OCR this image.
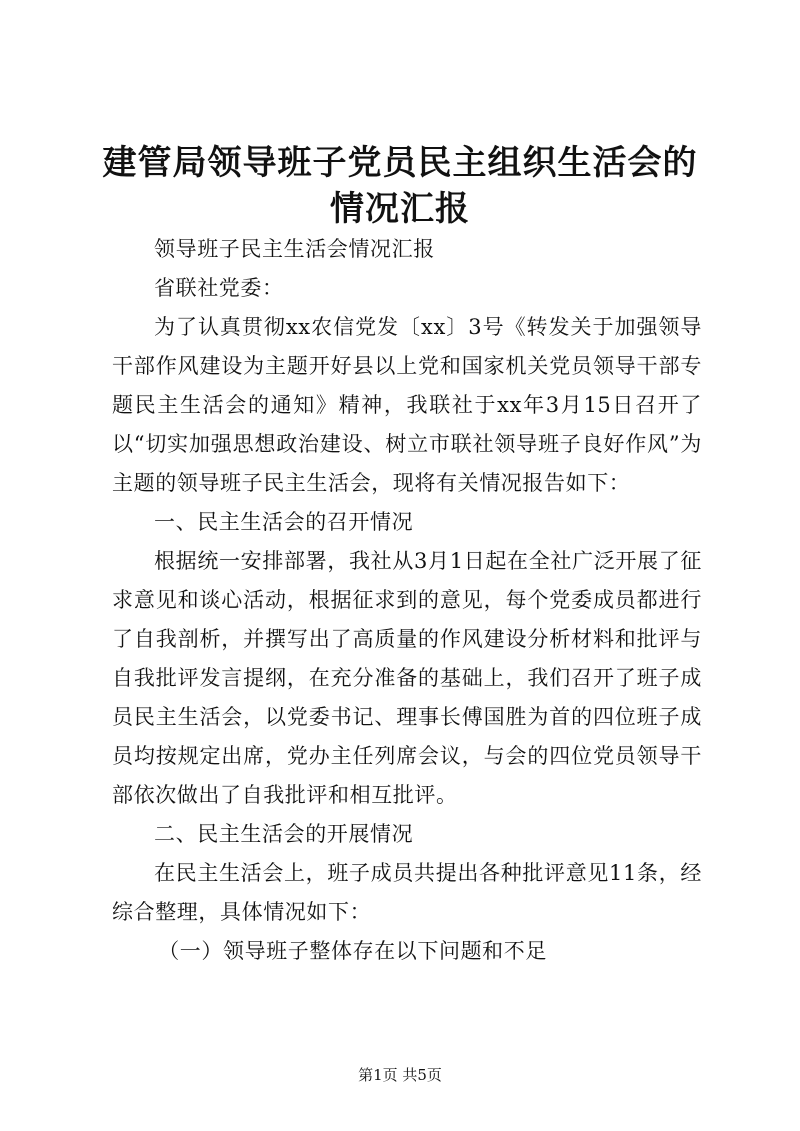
建管局领导班子党员民主组织生活会的情况汇报

领导班子民主生活会情况汇报

省联社党委：

为了认真贯彻xx农信党发〔xx〕3号《转发关于加强领导干部作风建设为主题开好县以上党和国家机关党员领导干部专题民主生活会的通知》精神，我联社于xx年3月15日召开了以“切实加强思想政治建设、树立市联社领导班子良好作风”为主题的领导班子民主生活会，现将有关情况报告如下：

一、民主生活会的召开情况

根据统一安排部署，我社从3月1日起在全社广泛开展了征求意见和谈心活动，根据征求到的意见，每个党委成员都进行了自我剖析，并撰写出了高质量的作风建设分析材料和批评与自我批评发言提纲，在充分准备的基础上，我们召开了班子成员民主生活会，以党委书记、理事长傅国胜为首的四位班子成员均按规定出席，党办主任列席会议，与会的四位党员领导干部依次做出了自我批评和相互批评。

二、民主生活会的开展情况

在民主生活会上，班子成员共提出各种批评意见11条，经综合整理，具体情况如下：

（一）领导班子整体存在以下问题和不足

第1页 共5页
